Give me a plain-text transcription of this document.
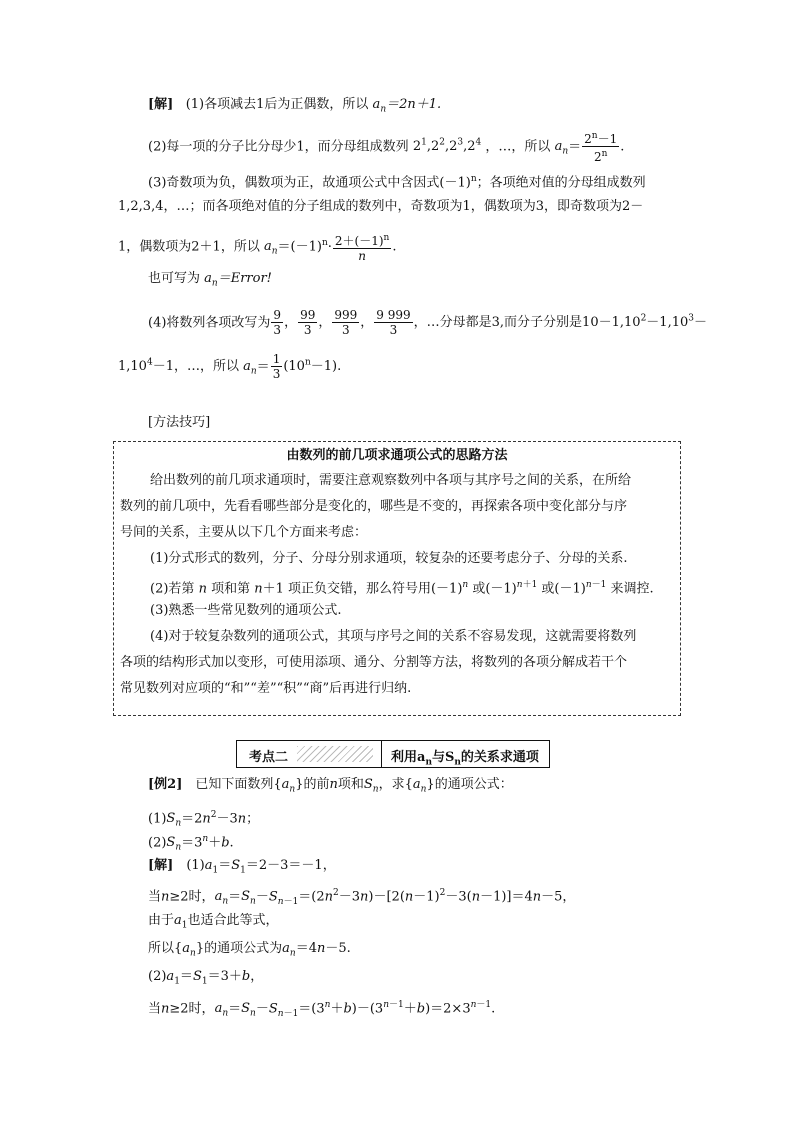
[解] (1)各项减去1后为正偶数，所以 $a_n=2n+1$.
(2)每一项的分子比分母少1，而分母组成数列 $2^1,2^2,2^3,2^4$ ，…，所以 $a_n= \frac{2^n-1}{2^n}$ .
(3)奇数项为负，偶数项为正，故通项公式中含因式$(-1)^n$；各项绝对值的分母组成数列
1,2,3,4，…；而各项绝对值的分子组成的数列中，奇数项为1，偶数项为3，即奇数项为2－
1，偶数项为2＋1，所以 $a_n=(-1)^n\cdot \frac{2+(-1)^n}{n}$ .
也可写为 $a_n=Error$!
(4)将数列各项改写为 $\frac{9}{3}$ ， $\frac{99}{3}$ ， $\frac{999}{3}$ ， $\frac{9 999}{3}$ ，…分母都是3,而分子分别是$10-1,10^2-1,10^3-$
$1,10^4-1$，…，所以 $a_n= \frac{1}{3} (10^n-1)$.
[方法技巧]
由数列的前几项求通项公式的思路方法
给出数列的前几项求通项时，需要注意观察数列中各项与其序号之间的关系，在所给
数列的前几项中，先看看哪些部分是变化的，哪些是不变的，再探索各项中变化部分与序
号间的关系，主要从以下几个方面来考虑：
(1)分式形式的数列，分子、分母分别求通项，较复杂的还要考虑分子、分母的关系.
(2)若第 n 项和第 n＋1 项正负交错，那么符号用$(-1)^n$ 或$(-1)^{n+1}$ 或$(-1)^{n-1}$ 来调控.
(3)熟悉一些常见数列的通项公式.
(4)对于较复杂数列的通项公式，其项与序号之间的关系不容易发现，这就需要将数列
各项的结构形式加以变形，可使用添项、通分、分割等方法，将数列的各项分解成若干个
常见数列对应项的“和”“差”“积”“商”后再进行归纳.
考点二	利用$a_n$与$S_n$的关系求通项
[例2]　已知下面数列$\{a_n\}$的前n项和$S_n$，求$\{a_n\}$的通项公式：
$(1)S_n=2n^2-3n$；
$(2)S_n=3^n+b$.
[解]　$(1)a_1=S_1=2-3=-1$，
当n≥2时，$a_n=S_n-S_{n-1}=(2n^2-3n)-[2(n-1)^2-3(n-1)]=4n-5$，
由于$a_1$也适合此等式，
所以$\{a_n\}$的通项公式为$a_n=4n-5$.
$(2)a_1=S_1=3+b$，
当n≥2时，$a_n=S_n-S_{n-1}=(3^n+b)-(3^{n-1}+b)=2\times 3^{n-1}$.
